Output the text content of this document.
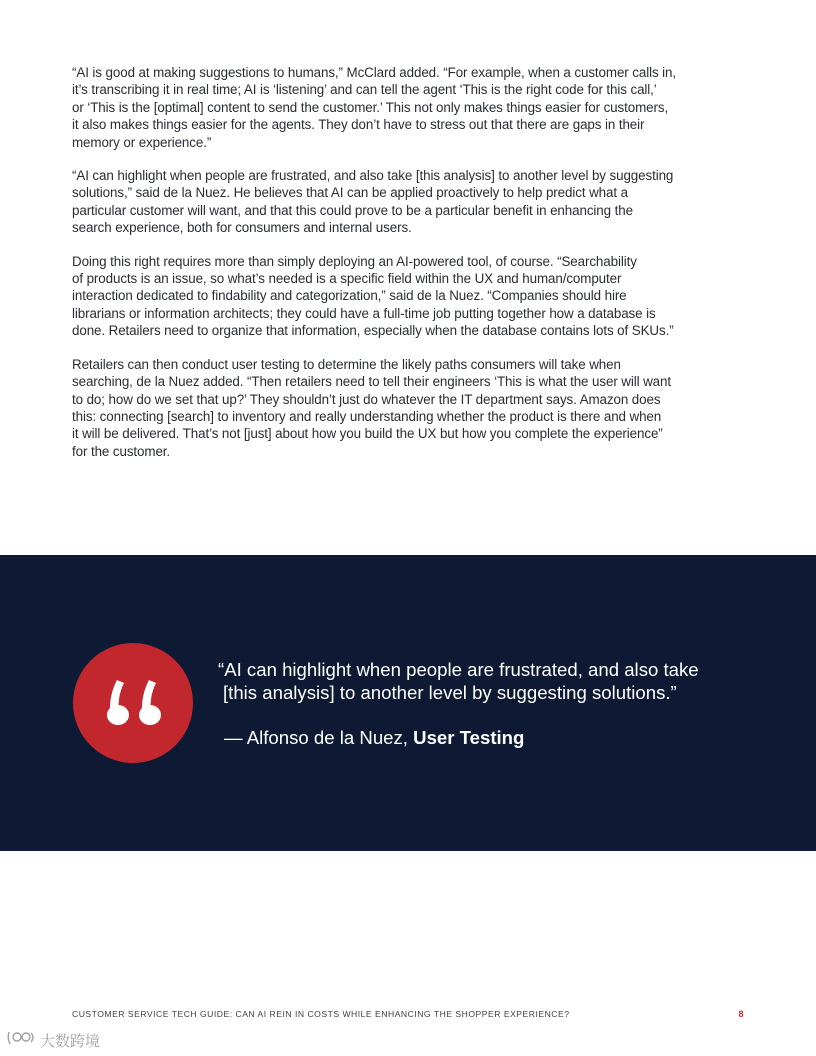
“AI is good at making suggestions to humans,” McClard added. “For example, when a customer calls in,
it’s transcribing it in real time; AI is ‘listening’ and can tell the agent ‘This is the right code for this call,’
or ‘This is the [optimal] content to send the customer.’ This not only makes things easier for customers,
it also makes things easier for the agents. They don’t have to stress out that there are gaps in their
memory or experience.”

“AI can highlight when people are frustrated, and also take [this analysis] to another level by suggesting
solutions,” said de la Nuez. He believes that AI can be applied proactively to help predict what a
particular customer will want, and that this could prove to be a particular benefit in enhancing the
search experience, both for consumers and internal users.

Doing this right requires more than simply deploying an AI-powered tool, of course. “Searchability
of products is an issue, so what’s needed is a specific field within the UX and human/computer
interaction dedicated to findability and categorization,” said de la Nuez. “Companies should hire
librarians or information architects; they could have a full-time job putting together how a database is
done. Retailers need to organize that information, especially when the database contains lots of SKUs.”

Retailers can then conduct user testing to determine the likely paths consumers will take when
searching, de la Nuez added. “Then retailers need to tell their engineers ‘This is what the user will want
to do; how do we set that up?’ They shouldn’t just do whatever the IT department says. Amazon does
this: connecting [search] to inventory and really understanding whether the product is there and when
it will be delivered. That’s not [just] about how you build the UX but how you complete the experience”
for the customer.

“AI can highlight when people are frustrated, and also take
[this analysis] to another level by suggesting solutions.”
— Alfonso de la Nuez, User Testing
CUSTOMER SERVICE TECH GUIDE: CAN AI REIN IN COSTS WHILE ENHANCING THE SHOPPER EXPERIENCE?	8
大数跨境
